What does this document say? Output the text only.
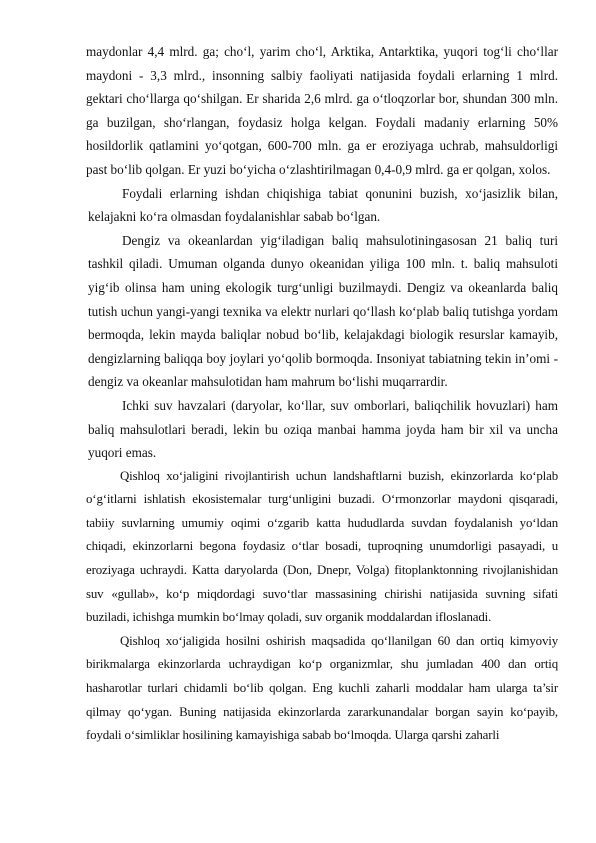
maydonlar 4,4 mlrd. ga; cho‘l, yarim cho‘l, Arktika, Antarktika, yuqori tog‘li cho‘llar maydoni - 3,3 mlrd., insonning salbiy faoliyati natijasida foydali erlarning 1 mlrd. gektari cho‘llarga qo‘shilgan. Er sharida 2,6 mlrd. ga o‘tloqzorlar bor, shundan 300 mln. ga buzilgan, sho‘rlangan, foydasiz holga kelgan. Foydali madaniy erlarning 50% hosildorlik qatlamini yo‘qotgan, 600-700 mln. ga er eroziyaga uchrab, mahsuldorligi past bo‘lib qolgan. Er yuzi bo‘yicha o‘zlashtirilmagan 0,4-0,9 mlrd. ga er qolgan, xolos.

Foydali erlarning ishdan chiqishiga tabiat qonunini buzish, xo‘jasizlik bilan, kelajakni ko‘ra olmasdan foydalanishlar sabab bo‘lgan.

Dengiz va okeanlardan yig‘iladigan baliq mahsulotiningasosan 21 baliq turi tashkil qiladi. Umuman olganda dunyo okeanidan yiliga 100 mln. t. baliq mahsuloti yig‘ib olinsa ham uning ekologik turg‘unligi buzilmaydi. Dengiz va okeanlarda baliq tutish uchun yangi-yangi texnika va elektr nurlari qo‘llash ko‘plab baliq tutishga yordam bermoqda, lekin mayda baliqlar nobud bo‘lib, kelajakdagi biologik resurslar kamayib, dengizlarning baliqqa boy joylari yo‘qolib bormoqda. Insoniyat tabiatning tekin in’omi - dengiz va okeanlar mahsulotidan ham mahrum bo‘lishi muqarrardir.

Ichki suv havzalari (daryolar, ko‘llar, suv omborlari, baliqchilik hovuzlari) ham baliq mahsulotlari beradi, lekin bu oziqa manbai hamma joyda ham bir xil va uncha yuqori emas.

Qishloq xo‘jaligini rivojlantirish uchun landshaftlarni buzish, ekinzorlarda ko‘plab o‘g‘itlarni ishlatish ekosistemalar turg‘unligini buzadi. O‘rmonzorlar maydoni qisqaradi, tabiiy suvlarning umumiy oqimi o‘zgarib katta hududlarda suvdan foydalanish yo‘ldan chiqadi, ekinzorlarni begona foydasiz o‘tlar bosadi, tuproqning unumdorligi pasayadi, u eroziyaga uchraydi. Katta daryolarda (Don, Dnepr, Volga) fitoplanktonning rivojlanishidan suv «gullab», ko‘p miqdordagi suvo‘tlar massasining chirishi natijasida suvning sifati buziladi, ichishga mumkin bo‘lmay qoladi, suv organik moddalardan ifloslanadi.

Qishloq xo‘jaligida hosilni oshirish maqsadida qo‘llanilgan 60 dan ortiq kimyoviy birikmalarga ekinzorlarda uchraydigan ko‘p organizmlar, shu jumladan 400 dan ortiq hasharotlar turlari chidamli bo‘lib qolgan. Eng kuchli zaharli moddalar ham ularga ta’sir qilmay qo‘ygan. Buning natijasida ekinzorlarda zararkunandalar borgan sayin ko‘payib, foydali o‘simliklar hosilining kamayishiga sabab bo‘lmoqda. Ularga qarshi zaharli
